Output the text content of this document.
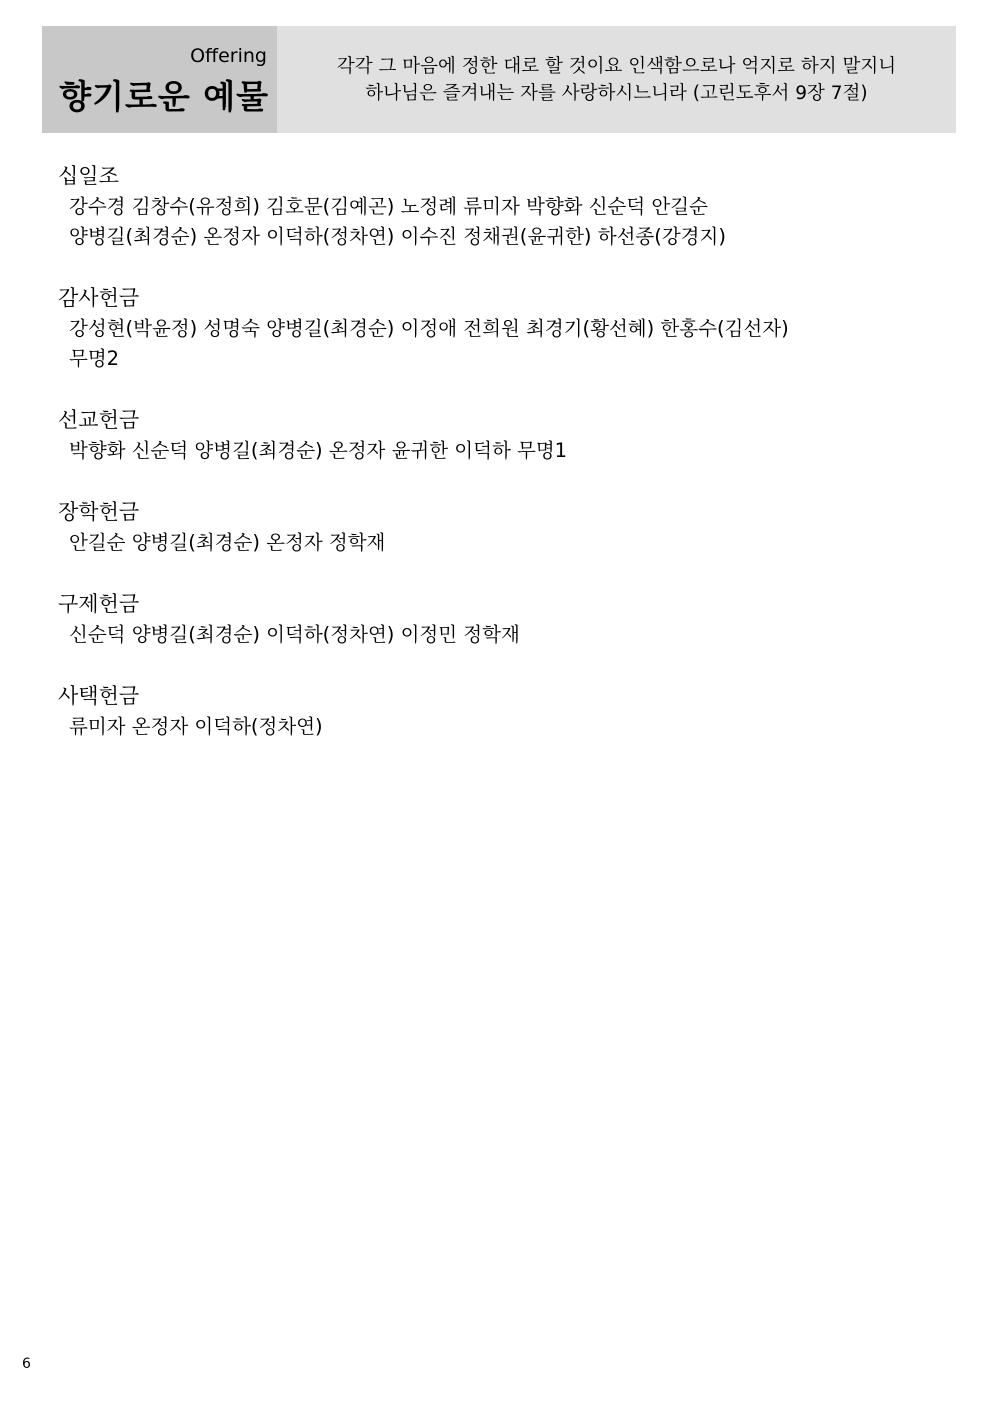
Offering
향기로운 예물
각각 그 마음에 정한 대로 할 것이요 인색함으로나 억지로 하지 말지니
하나님은 즐겨내는 자를 사랑하시느니라 (고린도후서 9장 7절)
십일조
강수경 김창수(유정희) 김호문(김예곤) 노정례 류미자 박향화 신순덕 안길순
양병길(최경순) 온정자 이덕하(정차연) 이수진 정채권(윤귀한) 하선종(강경지)
감사헌금
강성현(박윤정) 성명숙 양병길(최경순) 이정애 전희원 최경기(황선혜) 한홍수(김선자)
무명2
선교헌금
박향화 신순덕 양병길(최경순) 온정자 윤귀한 이덕하 무명1
장학헌금
안길순 양병길(최경순) 온정자 정학재
구제헌금
신순덕 양병길(최경순) 이덕하(정차연) 이정민 정학재
사택헌금
류미자 온정자 이덕하(정차연)
6
